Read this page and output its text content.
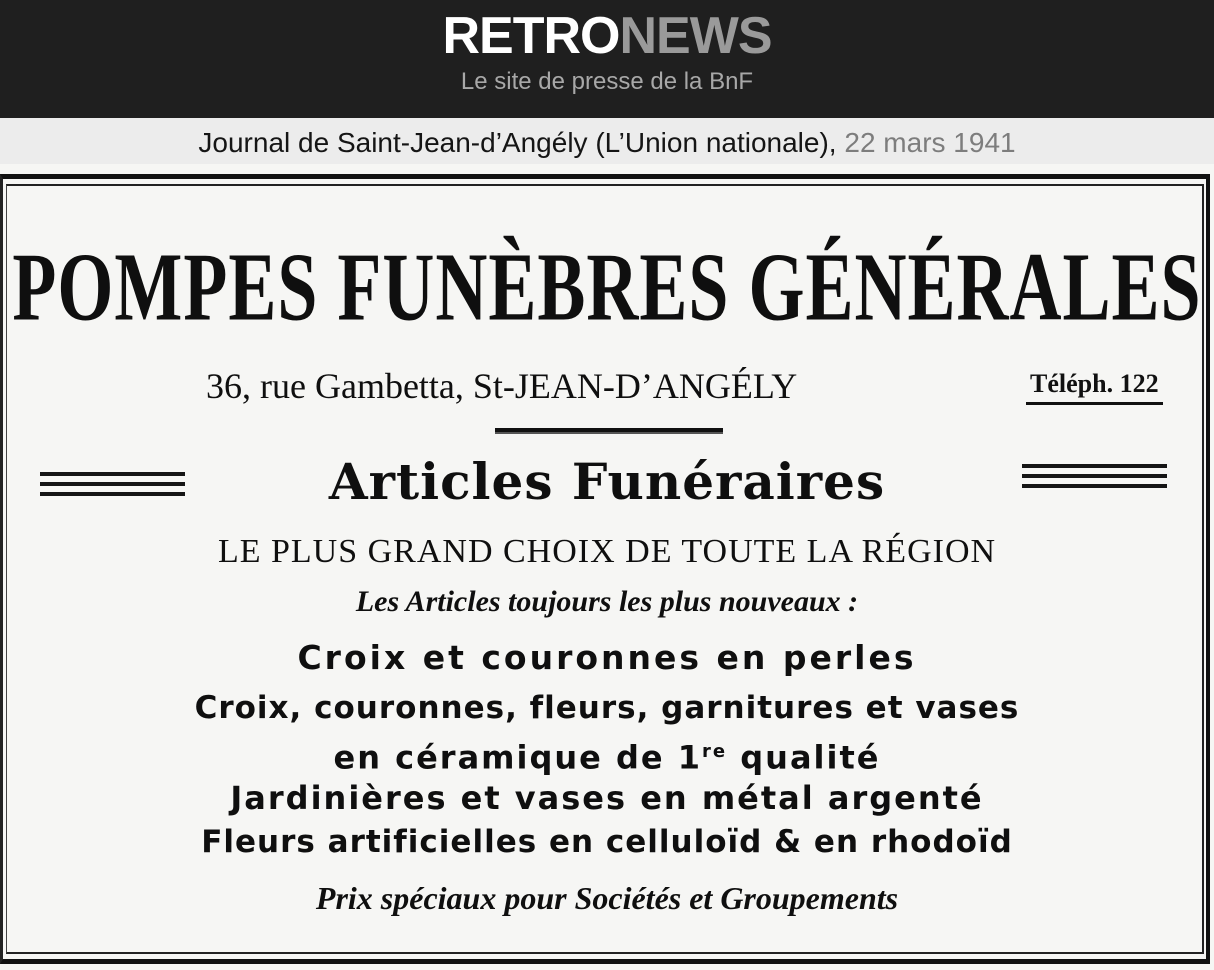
RETRONEWS
Le site de presse de la BnF
Journal de Saint-Jean-d’Angély (L’Union nationale), 22 mars 1941
POMPES FUNÈBRES GÉNÉRALES
36, rue Gambetta, St-JEAN-D’ANGÉLY	Téléph. 122
Articles Funéraires
LE PLUS GRAND CHOIX DE TOUTE LA RÉGION
Les Articles toujours les plus nouveaux :
Croix et couronnes en perles
Croix, couronnes, fleurs, garnitures et vases
en céramique de 1re qualité
Jardinières et vases en métal argenté
Fleurs artificielles en celluloïd & en rhodoïd
Prix spéciaux pour Sociétés et Groupements
